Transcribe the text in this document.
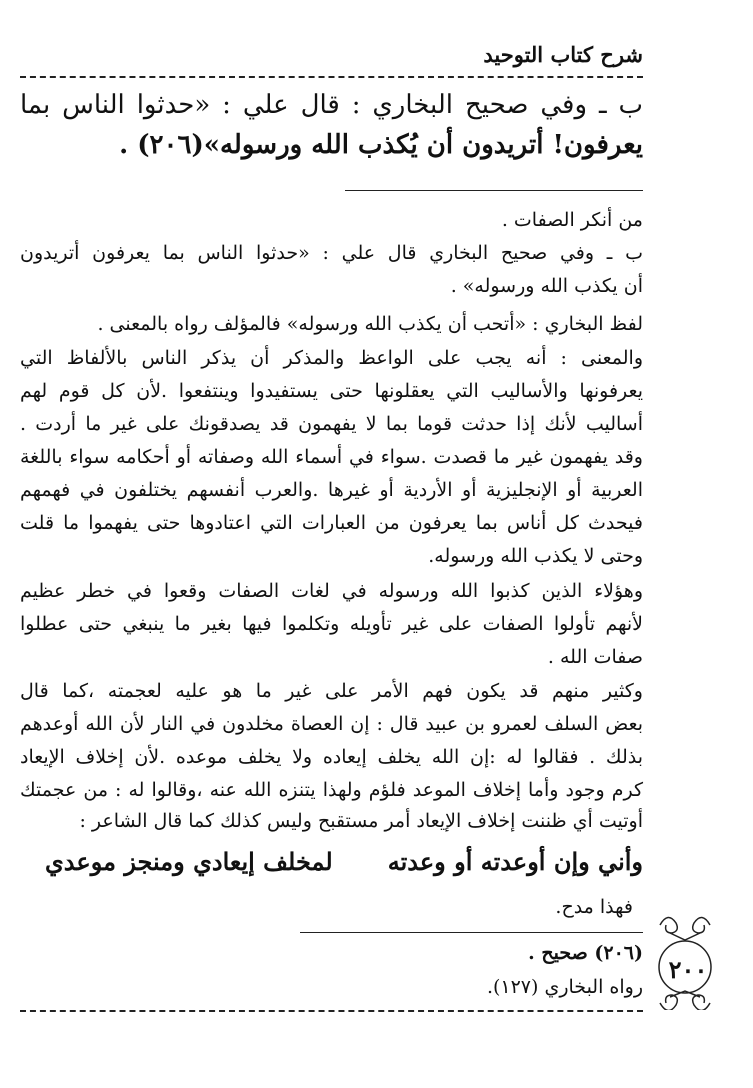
شرح كتاب التوحيد
ب ـ وفي صحيح البخاري : قال علي : «حدثوا الناس بما
يعرفون! أتريدون أن يُكذب الله ورسوله»(٢٠٦) .
من أنكر الصفات .
ب ـ وفي صحيح البخاري قال علي : «حدثوا الناس بما يعرفون أتريدون
أن يكذب الله ورسوله» .
لفظ البخاري : «أتحب أن يكذب الله ورسوله» فالمؤلف رواه بالمعنى .
والمعنى : أنه يجب على الواعظ والمذكر أن يذكر الناس بالألفاظ التي
يعرفونها والأساليب التي يعقلونها حتى يستفيدوا وينتفعوا .لأن كل قوم لهم
أساليب لأنك إذا حدثت قوما بما لا يفهمون قد يصدقونك على غير ما أردت .
وقد يفهمون غير ما قصدت .سواء في أسماء الله وصفاته أو أحكامه سواء باللغة
العربية أو الإنجليزية أو الأردية أو غيرها .والعرب أنفسهم يختلفون في فهمهم
فيحدث كل أناس بما يعرفون من العبارات التي اعتادوها حتى يفهموا ما قلت
وحتى لا يكذب الله ورسوله.
وهؤلاء الذين كذبوا الله ورسوله في لغات الصفات وقعوا في خطر عظيم
لأنهم تأولوا الصفات على غير تأويله وتكلموا فيها بغير ما ينبغي حتى عطلوا
صفات الله .
وكثير منهم قد يكون فهم الأمر على غير ما هو عليه لعجمته ،كما قال
بعض السلف لعمرو بن عبيد قال : إن العصاة مخلدون في النار لأن الله أوعدهم
بذلك . فقالوا له :إن الله يخلف إيعاده ولا يخلف موعده .لأن إخلاف الإيعاد
كرم وجود وأما إخلاف الموعد فلؤم ولهذا يتنزه الله عنه ،وقالوا له : من عجمتك
أوتيت أي ظننت إخلاف الإيعاد أمر مستقبح وليس كذلك كما قال الشاعر :
وأني وإن أوعدته أو وعدته
لمخلف إيعادي ومنجز موعدي
فهذا مدح.
(٢٠٦) صحيح .
رواه البخاري (١٢٧).
٢٠٠
